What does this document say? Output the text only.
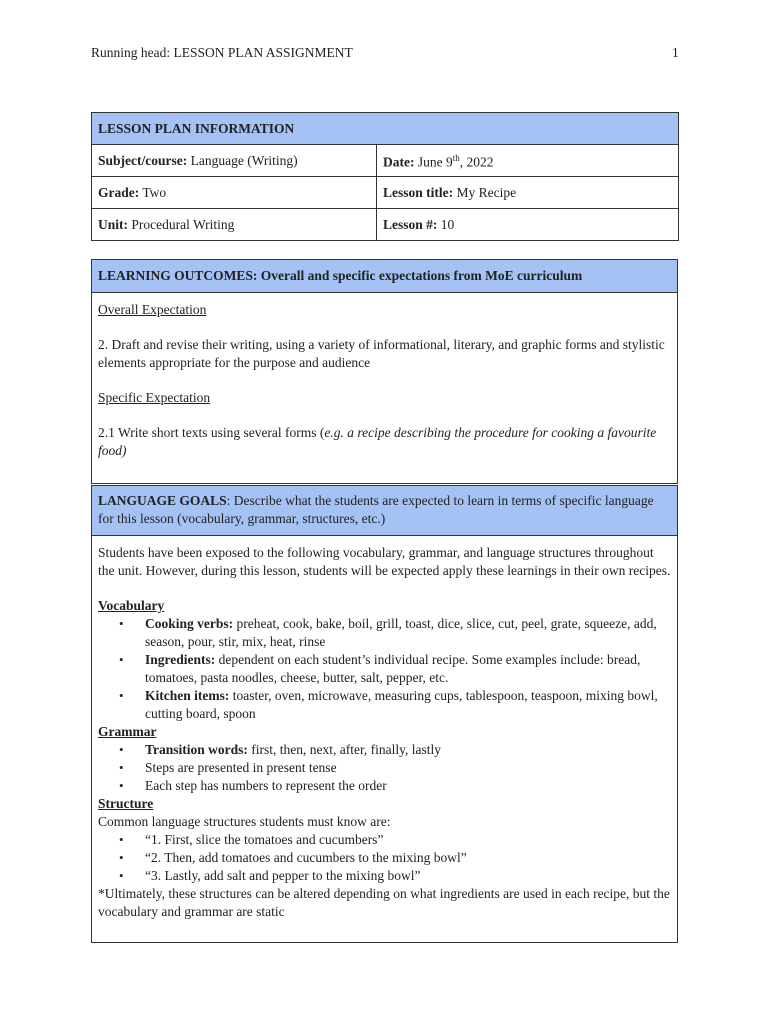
Running head: LESSON PLAN ASSIGNMENT	1
LESSON PLAN INFORMATION	
Subject/course: Language (Writing)	Date: June 9th, 2022
Grade: Two	Lesson title: My Recipe
Unit: Procedural Writing	Lesson #: 10
LEARNING OUTCOMES: Overall and specific expectations from MoE curriculum

Overall Expectation

2. Draft and revise their writing, using a variety of informational, literary, and graphic forms and stylistic elements appropriate for the purpose and audience

Specific Expectation

2.1 Write short texts using several forms (e.g. a recipe describing the procedure for cooking a favourite food)

LANGUAGE GOALS: Describe what the students are expected to learn in terms of specific language for this lesson (vocabulary, grammar, structures, etc.)

Students have been exposed to the following vocabulary, grammar, and language structures throughout the unit. However, during this lesson, students will be expected apply these learnings in their own recipes.

Vocabulary

• Cooking verbs: preheat, cook, bake, boil, grill, toast, dice, slice, cut, peel, grate, squeeze, add, season, pour, stir, mix, heat, rinse
• Ingredients: dependent on each student’s individual recipe. Some examples include: bread, tomatoes, pasta noodles, cheese, butter, salt, pepper, etc.
• Kitchen items: toaster, oven, microwave, measuring cups, tablespoon, teaspoon, mixing bowl, cutting board, spoon

Grammar

• Transition words: first, then, next, after, finally, lastly
• Steps are presented in present tense
• Each step has numbers to represent the order

Structure

Common language structures students must know are:

• “1. First, slice the tomatoes and cucumbers”
• “2. Then, add tomatoes and cucumbers to the mixing bowl”
• “3. Lastly, add salt and pepper to the mixing bowl”

*Ultimately, these structures can be altered depending on what ingredients are used in each recipe, but the vocabulary and grammar are static
